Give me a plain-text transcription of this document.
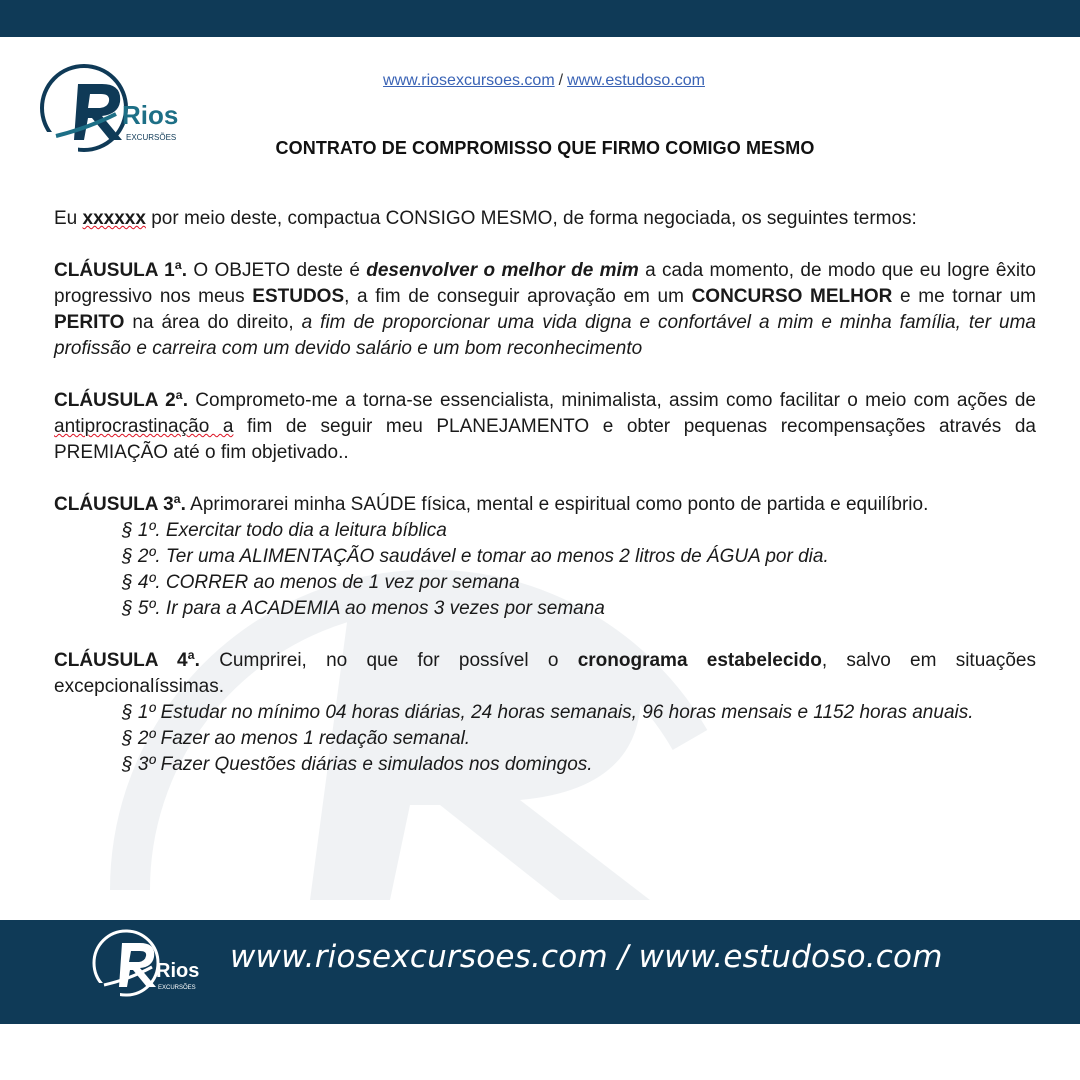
Rios
EXCURSÕES
www.riosexcursoes.com / www.estudoso.com
CONTRATO DE COMPROMISSO QUE FIRMO COMIGO MESMO

Eu xxxxxx por meio deste, compactua CONSIGO MESMO, de forma negociada, os seguintes termos:

CLÁUSULA 1ª. O OBJETO deste é desenvolver o melhor de mim a cada momento, de modo que eu logre êxito progressivo nos meus ESTUDOS, a fim de conseguir aprovação em um CONCURSO MELHOR e me tornar um PERITO na área do direito, a fim de proporcionar uma vida digna e confortável a mim e minha família, ter uma profissão e carreira com um devido salário e um bom reconhecimento

CLÁUSULA 2ª. Comprometo-me a torna-se essencialista, minimalista, assim como facilitar o meio com ações de antiprocrastinação a fim de seguir meu PLANEJAMENTO e obter pequenas recompensações através da PREMIAÇÃO até o fim objetivado..

CLÁUSULA 3ª. Aprimorarei minha SAÚDE física, mental e espiritual como ponto de partida e equilíbrio.

§ 1º. Exercitar todo dia a leitura bíblica
§ 2º. Ter uma ALIMENTAÇÃO saudável e tomar ao menos 2 litros de ÁGUA por dia.
§ 4º. CORRER ao menos de 1 vez por semana
§ 5º. Ir para a ACADEMIA ao menos 3 vezes por semana

CLÁUSULA 4ª. Cumprirei, no que for possível o cronograma estabelecido, salvo em situações excepcionalíssimas.

§ 1º Estudar no mínimo 04 horas diárias, 24 horas semanais, 96 horas mensais e 1152 horas anuais.
§ 2º Fazer ao menos 1 redação semanal.
§ 3º Fazer Questões diárias e simulados nos domingos.
Rios
EXCURSÕES
www.riosexcursoes.com / www.estudoso.com
